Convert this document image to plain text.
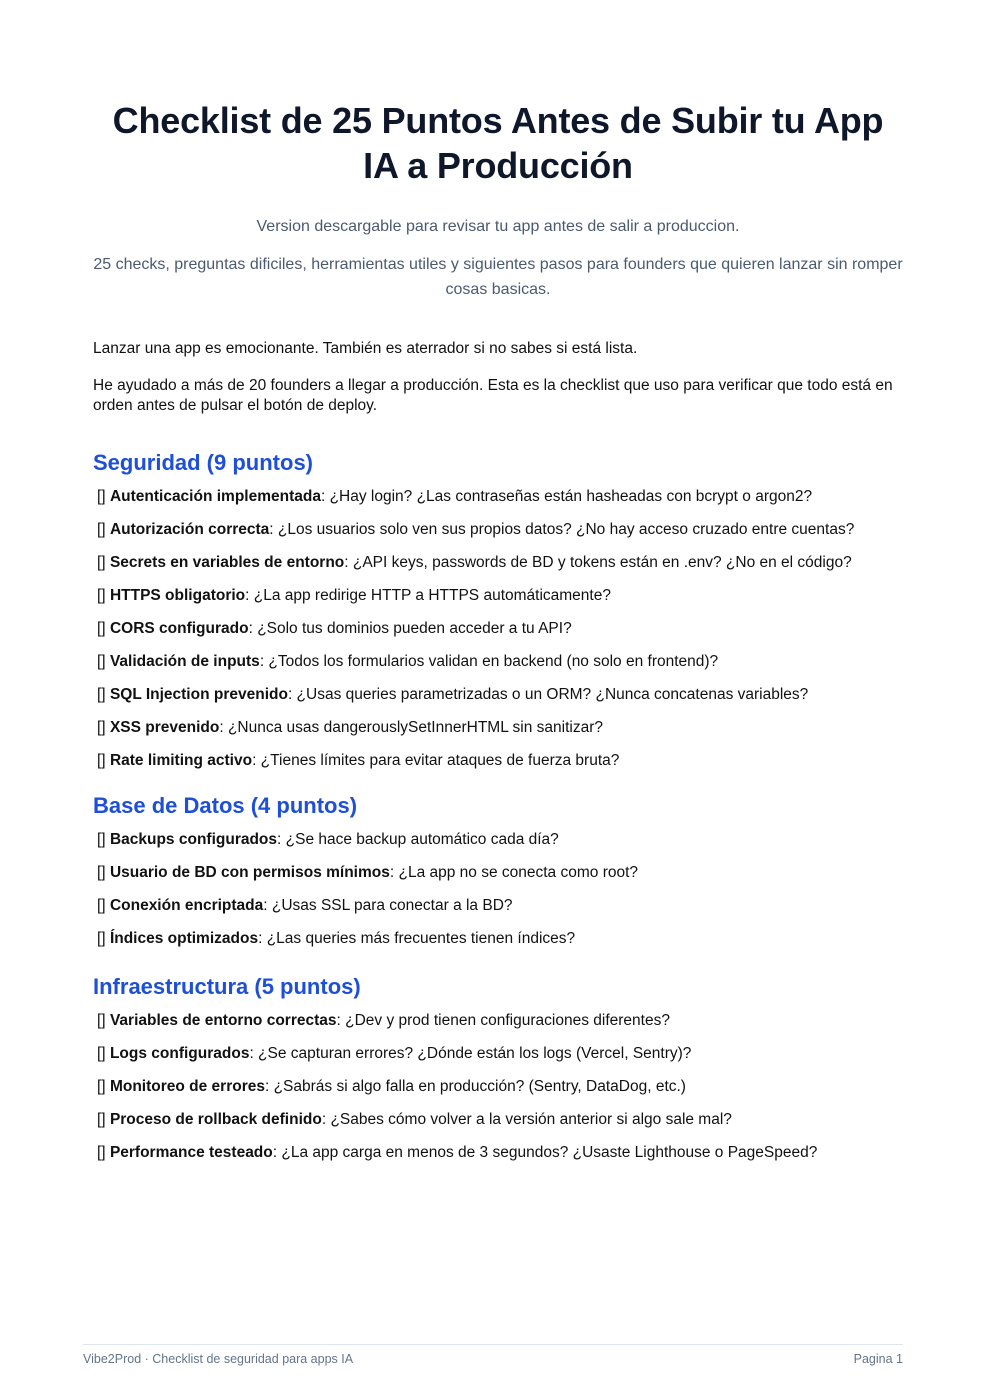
Checklist de 25 Puntos Antes de Subir tu App IA a Producción

Version descargable para revisar tu app antes de salir a produccion.

25 checks, preguntas dificiles, herramientas utiles y siguientes pasos para founders que quieren lanzar sin romper cosas basicas.

Lanzar una app es emocionante. También es aterrador si no sabes si está lista.

He ayudado a más de 20 founders a llegar a producción. Esta es la checklist que uso para verificar que todo está en orden antes de pulsar el botón de deploy.

Seguridad (9 puntos)
[] Autenticación implementada: ¿Hay login? ¿Las contraseñas están hasheadas con bcrypt o argon2?
[] Autorización correcta: ¿Los usuarios solo ven sus propios datos? ¿No hay acceso cruzado entre cuentas?
[] Secrets en variables de entorno: ¿API keys, passwords de BD y tokens están en .env? ¿No en el código?
[] HTTPS obligatorio: ¿La app redirige HTTP a HTTPS automáticamente?
[] CORS configurado: ¿Solo tus dominios pueden acceder a tu API?
[] Validación de inputs: ¿Todos los formularios validan en backend (no solo en frontend)?
[] SQL Injection prevenido: ¿Usas queries parametrizadas o un ORM? ¿Nunca concatenas variables?
[] XSS prevenido: ¿Nunca usas dangerouslySetInnerHTML sin sanitizar?
[] Rate limiting activo: ¿Tienes límites para evitar ataques de fuerza bruta?
Base de Datos (4 puntos)
[] Backups configurados: ¿Se hace backup automático cada día?
[] Usuario de BD con permisos mínimos: ¿La app no se conecta como root?
[] Conexión encriptada: ¿Usas SSL para conectar a la BD?
[] Índices optimizados: ¿Las queries más frecuentes tienen índices?
Infraestructura (5 puntos)
[] Variables de entorno correctas: ¿Dev y prod tienen configuraciones diferentes?
[] Logs configurados: ¿Se capturan errores? ¿Dónde están los logs (Vercel, Sentry)?
[] Monitoreo de errores: ¿Sabrás si algo falla en producción? (Sentry, DataDog, etc.)
[] Proceso de rollback definido: ¿Sabes cómo volver a la versión anterior si algo sale mal?
[] Performance testeado: ¿La app carga en menos de 3 segundos? ¿Usaste Lighthouse o PageSpeed?
Vibe2Prod · Checklist de seguridad para apps IA	Pagina 1
